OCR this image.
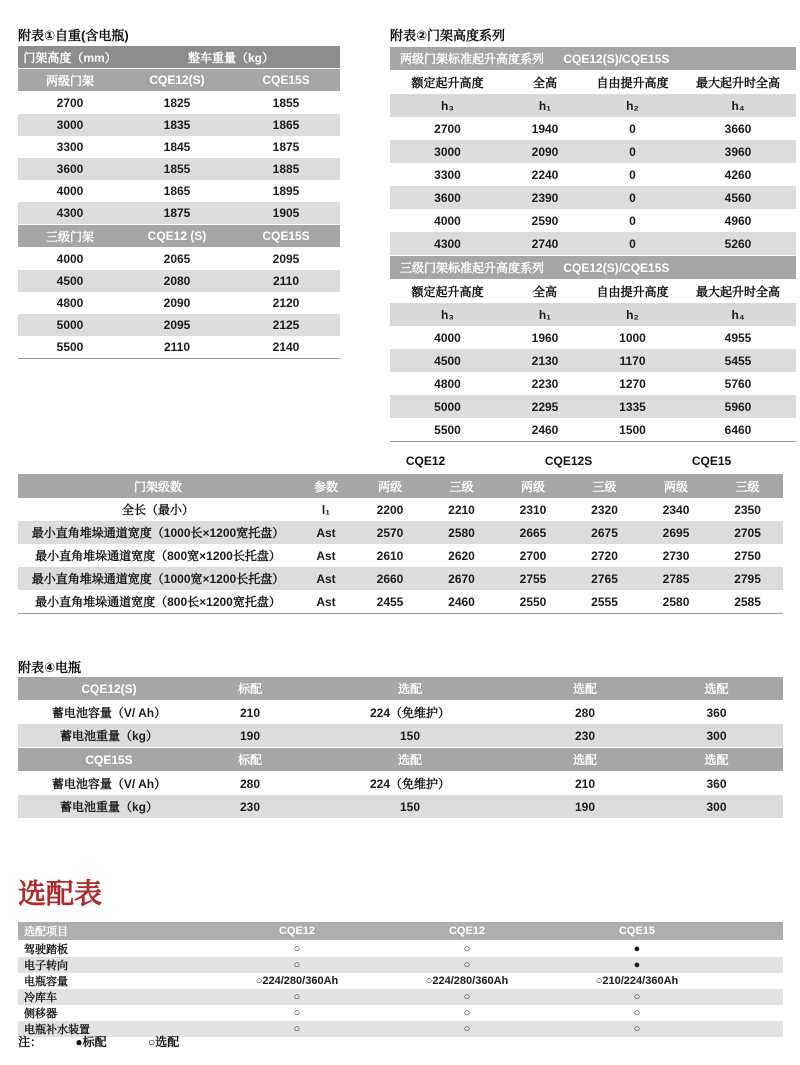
附表①自重(含电瓶)
门架高度（mm）	整车重量（kg）	
两级门架	CQE12(S)	CQE15S
2700	1825	1855
3000	1835	1865
3300	1845	1875
3600	1855	1885
4000	1865	1895
4300	1875	1905
三级门架	CQE12 (S)	CQE15S
4000	2065	2095
4500	2080	2110
4800	2090	2120
5000	2095	2125
5500	2110	2140
附表②门架高度系列
两级门架标准起升高度系列 CQE12(S)/CQE15S			
额定起升高度	全高	自由提升高度	最大起升时全高
h₃	h₁	h₂	h₄
2700	1940	0	3660
3000	2090	0	3960
3300	2240	0	4260
3600	2390	0	4560
4000	2590	0	4960
4300	2740	0	5260
三级门架标准起升高度系列 CQE12(S)/CQE15S			
额定起升高度	全高	自由提升高度	最大起升时全高
h₃	h₁	h₂	h₄
4000	1960	1000	4955
4500	2130	1170	5455
4800	2230	1270	5760
5000	2295	1335	5960
5500	2460	1500	6460
		CQE12		CQE12S		CQE15	
门架级数	参数	两级	三级	两级	三级	两级	三级
全长（最小）	l₁	2200	2210	2310	2320	2340	2350
最小直角堆垛通道宽度（1000长×1200宽托盘）	Ast	2570	2580	2665	2675	2695	2705
最小直角堆垛通道宽度（800宽×1200长托盘）	Ast	2610	2620	2700	2720	2730	2750
最小直角堆垛通道宽度（1000宽×1200长托盘）	Ast	2660	2670	2755	2765	2785	2795
最小直角堆垛通道宽度（800长×1200宽托盘）	Ast	2455	2460	2550	2555	2580	2585
附表④电瓶
CQE12(S)	标配	选配	选配	选配
蓄电池容量（V/ Ah）	210	224（免维护）	280	360
蓄电池重量（kg）	190	150	230	300
CQE15S	标配	选配	选配	选配
蓄电池容量（V/ Ah）	280	224（免维护）	210	360
蓄电池重量（kg）	230	150	190	300
选配表
选配项目	CQE12	CQE12	CQE15	
驾驶踏板	○	○	●	
电子转向	○	○	●	
电瓶容量	○224/280/360Ah	○224/280/360Ah	○210/224/360Ah	
冷库车	○	○	○	
侧移器	○	○	○	
电瓶补水装置	○	○	○	
注：	●标配	○选配
